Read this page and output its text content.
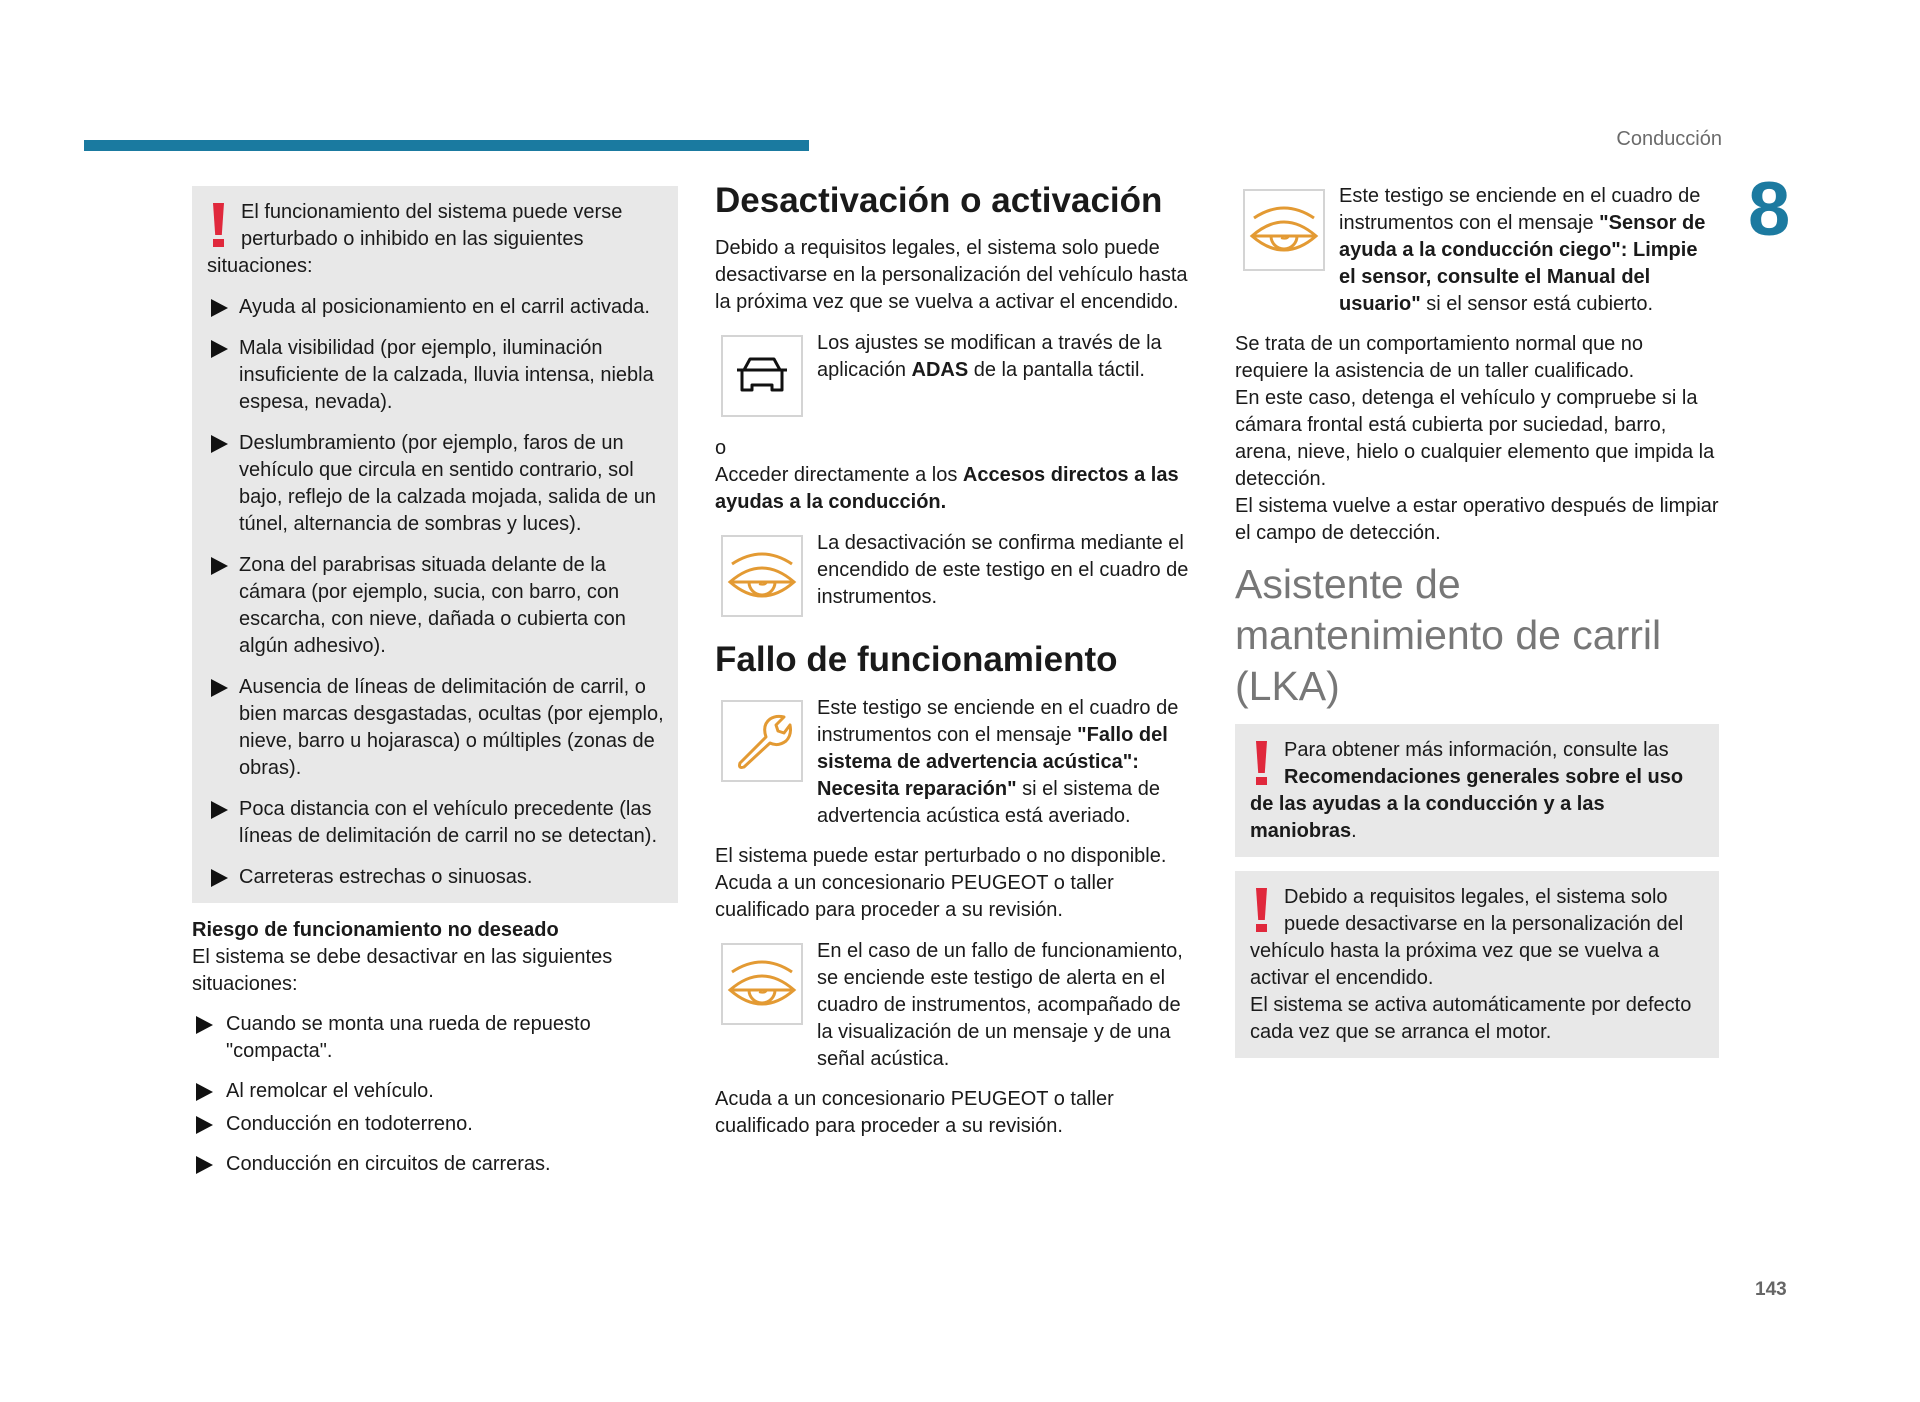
Conducción
8
143

El funcionamiento del sistema puede verse perturbado o inhibido en las siguientes situaciones:

Ayuda al posicionamiento en el carril activada.
Mala visibilidad (por ejemplo, iluminación insuficiente de la calzada, lluvia intensa, niebla espesa, nevada).
Deslumbramiento (por ejemplo, faros de un vehículo que circula en sentido contrario, sol bajo, reflejo de la calzada mojada, salida de un túnel, alternancia de sombras y luces).
Zona del parabrisas situada delante de la cámara (por ejemplo, sucia, con barro, con escarcha, con nieve, dañada o cubierta con algún adhesivo).
Ausencia de líneas de delimitación de carril, o bien marcas desgastadas, ocultas (por ejemplo, nieve, barro u hojarasca) o múltiples (zonas de obras).
Poca distancia con el vehículo precedente (las líneas de delimitación de carril no se detectan).
Carreteras estrechas o sinuosas.

Riesgo de funcionamiento no deseado

El sistema se debe desactivar en las siguientes situaciones:

Cuando se monta una rueda de repuesto "compacta".
Al remolcar el vehículo.
Conducción en todoterreno.
Conducción en circuitos de carreras.
Desactivación o activación

Debido a requisitos legales, el sistema solo puede desactivarse en la personalización del vehículo hasta la próxima vez que se vuelva a activar el encendido.

Los ajustes se modifican a través de la aplicación ADAS de la pantalla táctil.

o

Acceder directamente a los Accesos directos a las ayudas a la conducción.

La desactivación se confirma mediante el encendido de este testigo en el cuadro de instrumentos.

Fallo de funcionamiento

Este testigo se enciende en el cuadro de instrumentos con el mensaje "Fallo del sistema de advertencia acústica": Necesita reparación" si el sistema de advertencia acústica está averiado.

El sistema puede estar perturbado o no disponible.

Acuda a un concesionario PEUGEOT o taller cualificado para proceder a su revisión.

En el caso de un fallo de funcionamiento, se enciende este testigo de alerta en el cuadro de instrumentos, acompañado de la visualización de un mensaje y de una señal acústica.

Acuda a un concesionario PEUGEOT o taller cualificado para proceder a su revisión.

Este testigo se enciende en el cuadro de instrumentos con el mensaje "Sensor de ayuda a la conducción ciego": Limpie el sensor, consulte el Manual del usuario" si el sensor está cubierto.

Se trata de un comportamiento normal que no requiere la asistencia de un taller cualificado.

En este caso, detenga el vehículo y compruebe si la cámara frontal está cubierta por suciedad, barro, arena, nieve, hielo o cualquier elemento que impida la detección.

El sistema vuelve a estar operativo después de limpiar el campo de detección.

Asistente de mantenimiento de carril (LKA)

Para obtener más información, consulte las Recomendaciones generales sobre el uso de las ayudas a la conducción y a las maniobras.

Debido a requisitos legales, el sistema solo puede desactivarse en la personalización del vehículo hasta la próxima vez que se vuelva a activar el encendido.

El sistema se activa automáticamente por defecto cada vez que se arranca el motor.
